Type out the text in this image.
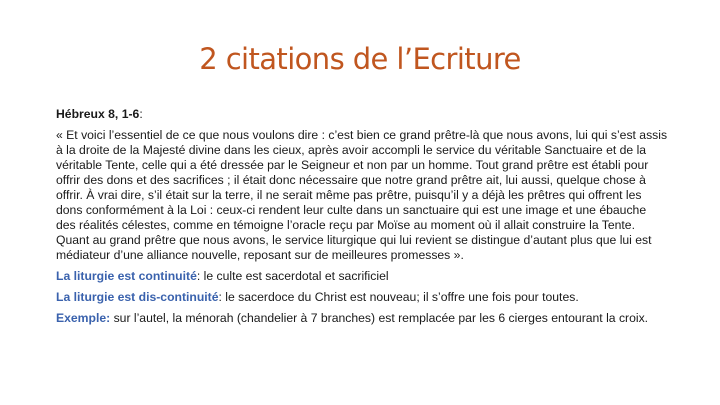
2 citations de l’Ecriture

Hébreux 8, 1-6:

« Et voici l’essentiel de ce que nous voulons dire : c’est bien ce grand prêtre-là que nous avons, lui qui s’est assis à la droite de la Majesté divine dans les cieux, après avoir accompli le service du véritable Sanctuaire et de la véritable Tente, celle qui a été dressée par le Seigneur et non par un homme. Tout grand prêtre est établi pour offrir des dons et des sacrifices ; il était donc nécessaire que notre grand prêtre ait, lui aussi, quelque chose à offrir. À vrai dire, s’il était sur la terre, il ne serait même pas prêtre, puisqu’il y a déjà les prêtres qui offrent les dons conformément à la Loi : ceux-ci rendent leur culte dans un sanctuaire qui est une image et une ébauche des réalités célestes, comme en témoigne l’oracle reçu par Moïse au moment où il allait construire la Tente. Quant au grand prêtre que nous avons, le service liturgique qui lui revient se distingue d’autant plus que lui est médiateur d’une alliance nouvelle, reposant sur de meilleures promesses ».

La liturgie est continuité: le culte est sacerdotal et sacrificiel

La liturgie est dis-continuité: le sacerdoce du Christ est nouveau; il s’offre une fois pour toutes.

Exemple: sur l’autel, la ménorah (chandelier à 7 branches) est remplacée par les 6 cierges entourant la croix.
